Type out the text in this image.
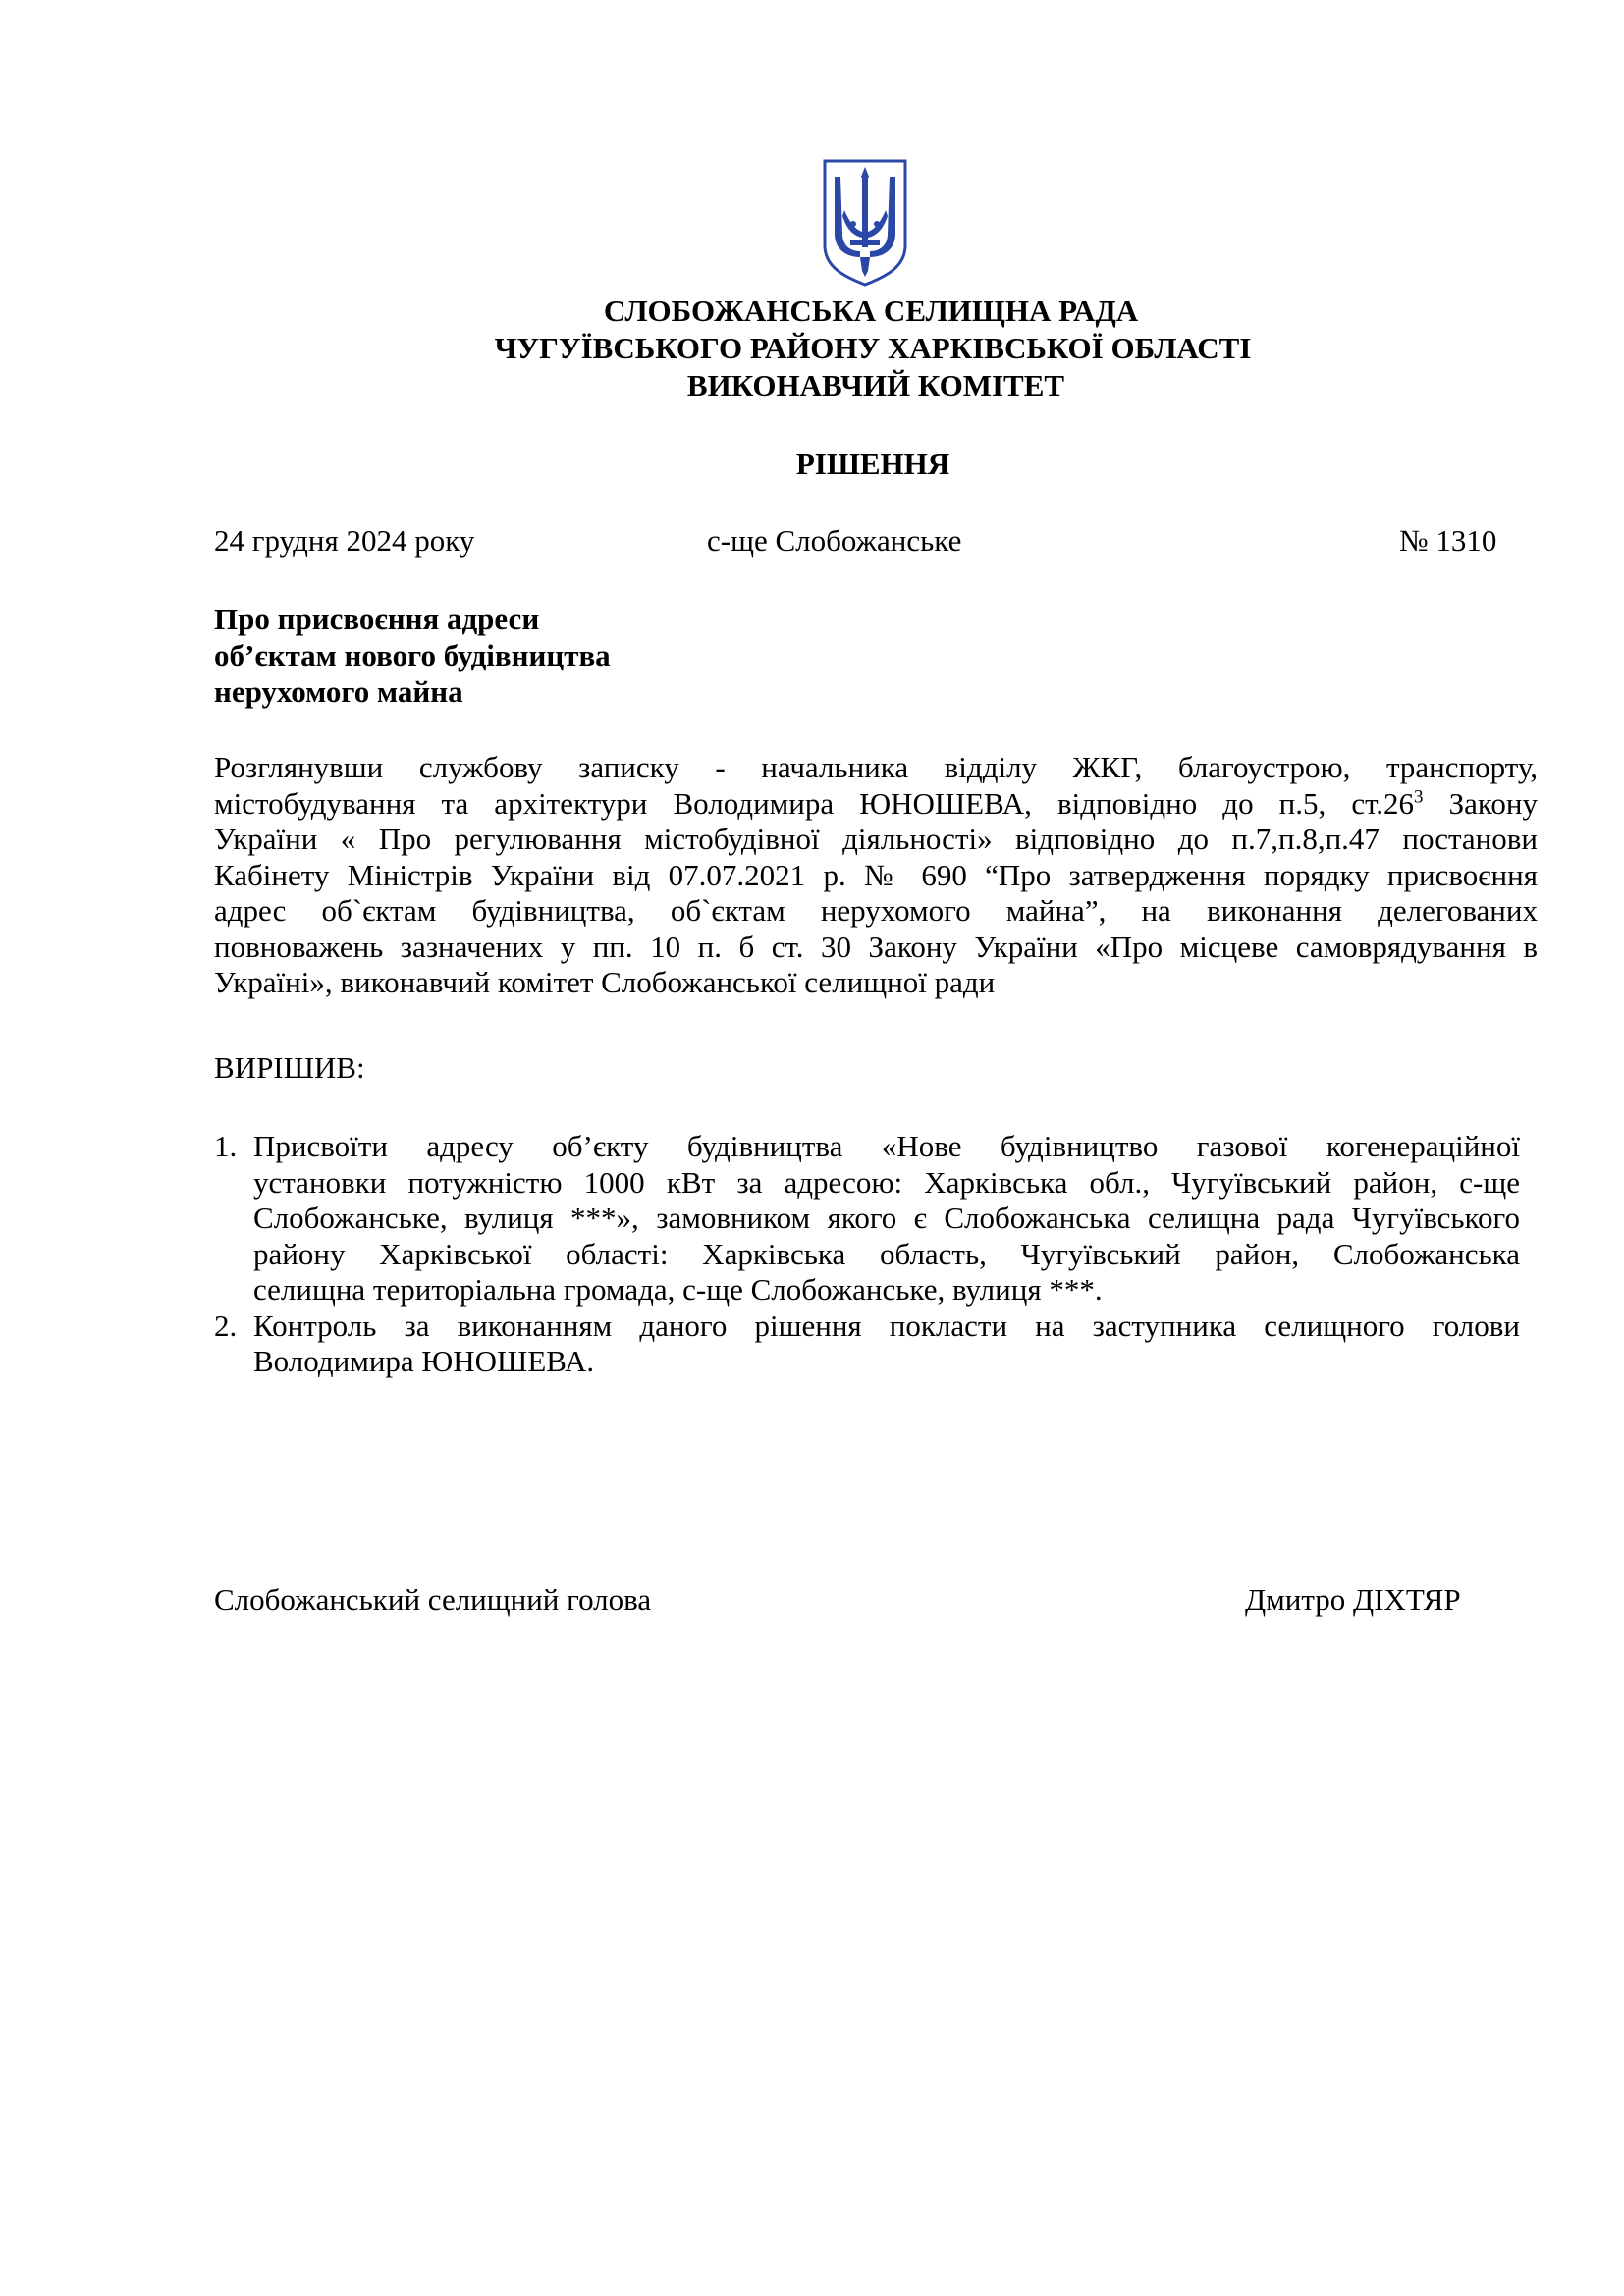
СЛОБОЖАНСЬКА СЕЛИЩНА РАДА
ЧУГУЇВСЬКОГО РАЙОНУ ХАРКІВСЬКОЇ ОБЛАСТІ
ВИКОНАВЧИЙ КОМІТЕТ
РІШЕННЯ
24 грудня 2024 року	с-ще Слобожанське	№ 1310
Про присвоєння адреси
об’єктам нового будівництва
нерухомого майна
Розглянувши службову записку - начальника відділу ЖКГ, благоустрою, транспорту,
містобудування та архітектури Володимира ЮНОШЕВА, відповідно до п.5, $ст.26^3$ Закону
України « Про регулювання містобудівної діяльності» відповідно до п.7,п.8,п.47 постанови
Кабінету Міністрів України від 07.07.2021 р. № 690 “Про затвердження порядку присвоєння
адрес об`єктам будівництва, об`єктам нерухомого майна”, на виконання делегованих
повноважень зазначених у пп. 10 п. б ст. 30 Закону України «Про місцеве самоврядування в
Україні», виконавчий комітет Слобожанської селищної ради
ВИРІШИВ:
1. Присвоїти адресу об’єкту будівництва «Нове будівництво газової когенераційної
установки потужністю 1000 кВт за адресою: Харківська обл., Чугуївський район, с-ще
Слобожанське, вулиця ***», замовником якого є Слобожанська селищна рада Чугуївського
району Харківської області: Харківська область, Чугуївський район, Слобожанська
селищна територіальна громада, с-ще Слобожанське, вулиця ***.
2. Контроль за виконанням даного рішення покласти на заступника селищного голови
Володимира ЮНОШЕВА.
Слобожанський селищний голова	Дмитро ДІХТЯР
